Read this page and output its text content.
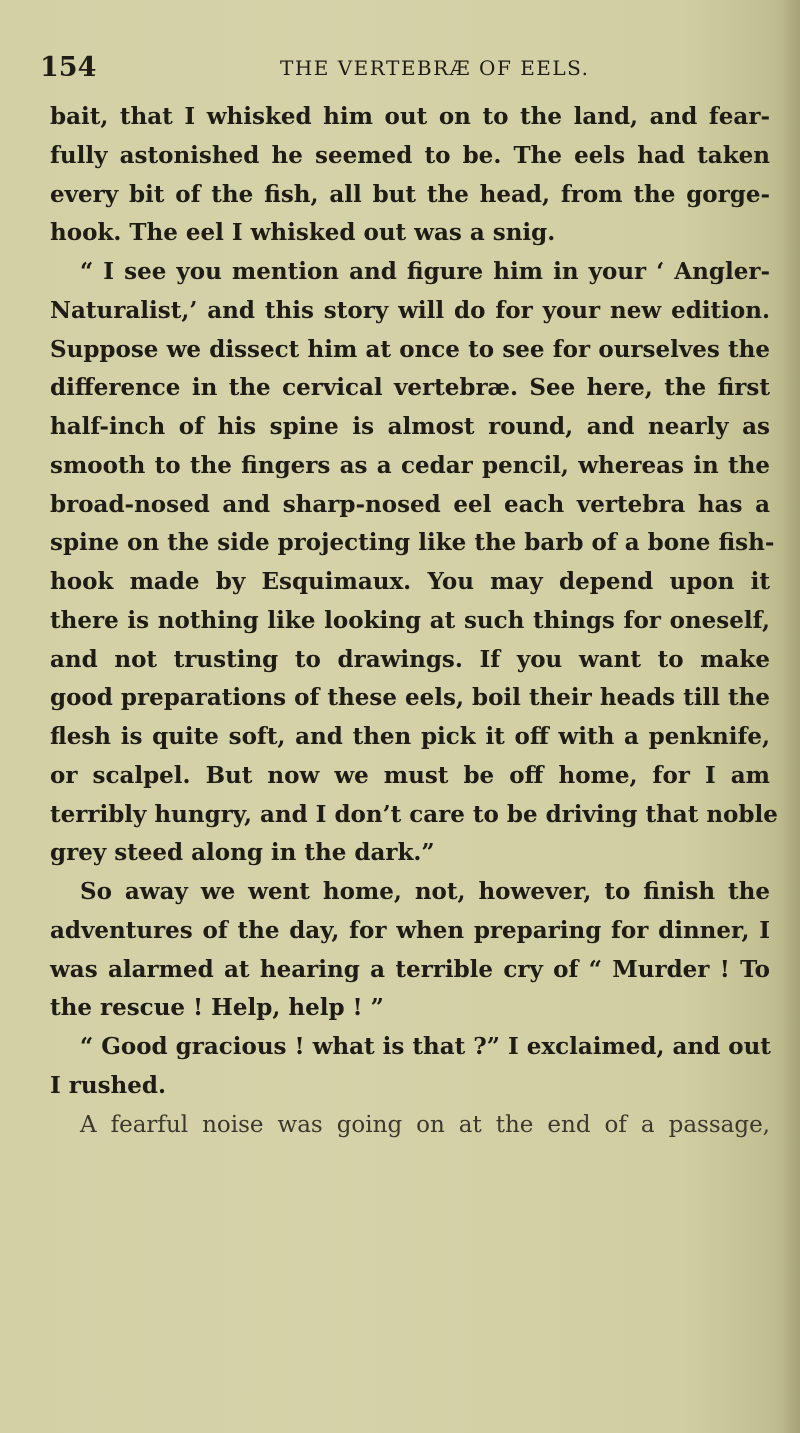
154	THE VERTEBRÆ OF EELS.
bait, that I whisked him out on to the land, and fear-
fully astonished he seemed to be. The eels had taken
every bit of the fish, all but the head, from the gorge-
hook. The eel I whisked out was a snig.
“ I see you mention and figure him in your ‘ Angler-
Naturalist,’ and this story will do for your new edition.
Suppose we dissect him at once to see for ourselves the
difference in the cervical vertebræ. See here, the first
half-inch of his spine is almost round, and nearly as
smooth to the fingers as a cedar pencil, whereas in the
broad-nosed and sharp-nosed eel each vertebra has a
spine on the side projecting like the barb of a bone fish-
hook made by Esquimaux. You may depend upon it
there is nothing like looking at such things for oneself,
and not trusting to drawings. If you want to make
good preparations of these eels, boil their heads till the
flesh is quite soft, and then pick it off with a penknife,
or scalpel. But now we must be off home, for I am
terribly hungry, and I don’t care to be driving that noble
grey steed along in the dark.”
So away we went home, not, however, to finish the
adventures of the day, for when preparing for dinner, I
was alarmed at hearing a terrible cry of “ Murder ! To
the rescue ! Help, help ! ”
“ Good gracious ! what is that ?” I exclaimed, and out
I rushed.
A fearful noise was going on at the end of a passage,
